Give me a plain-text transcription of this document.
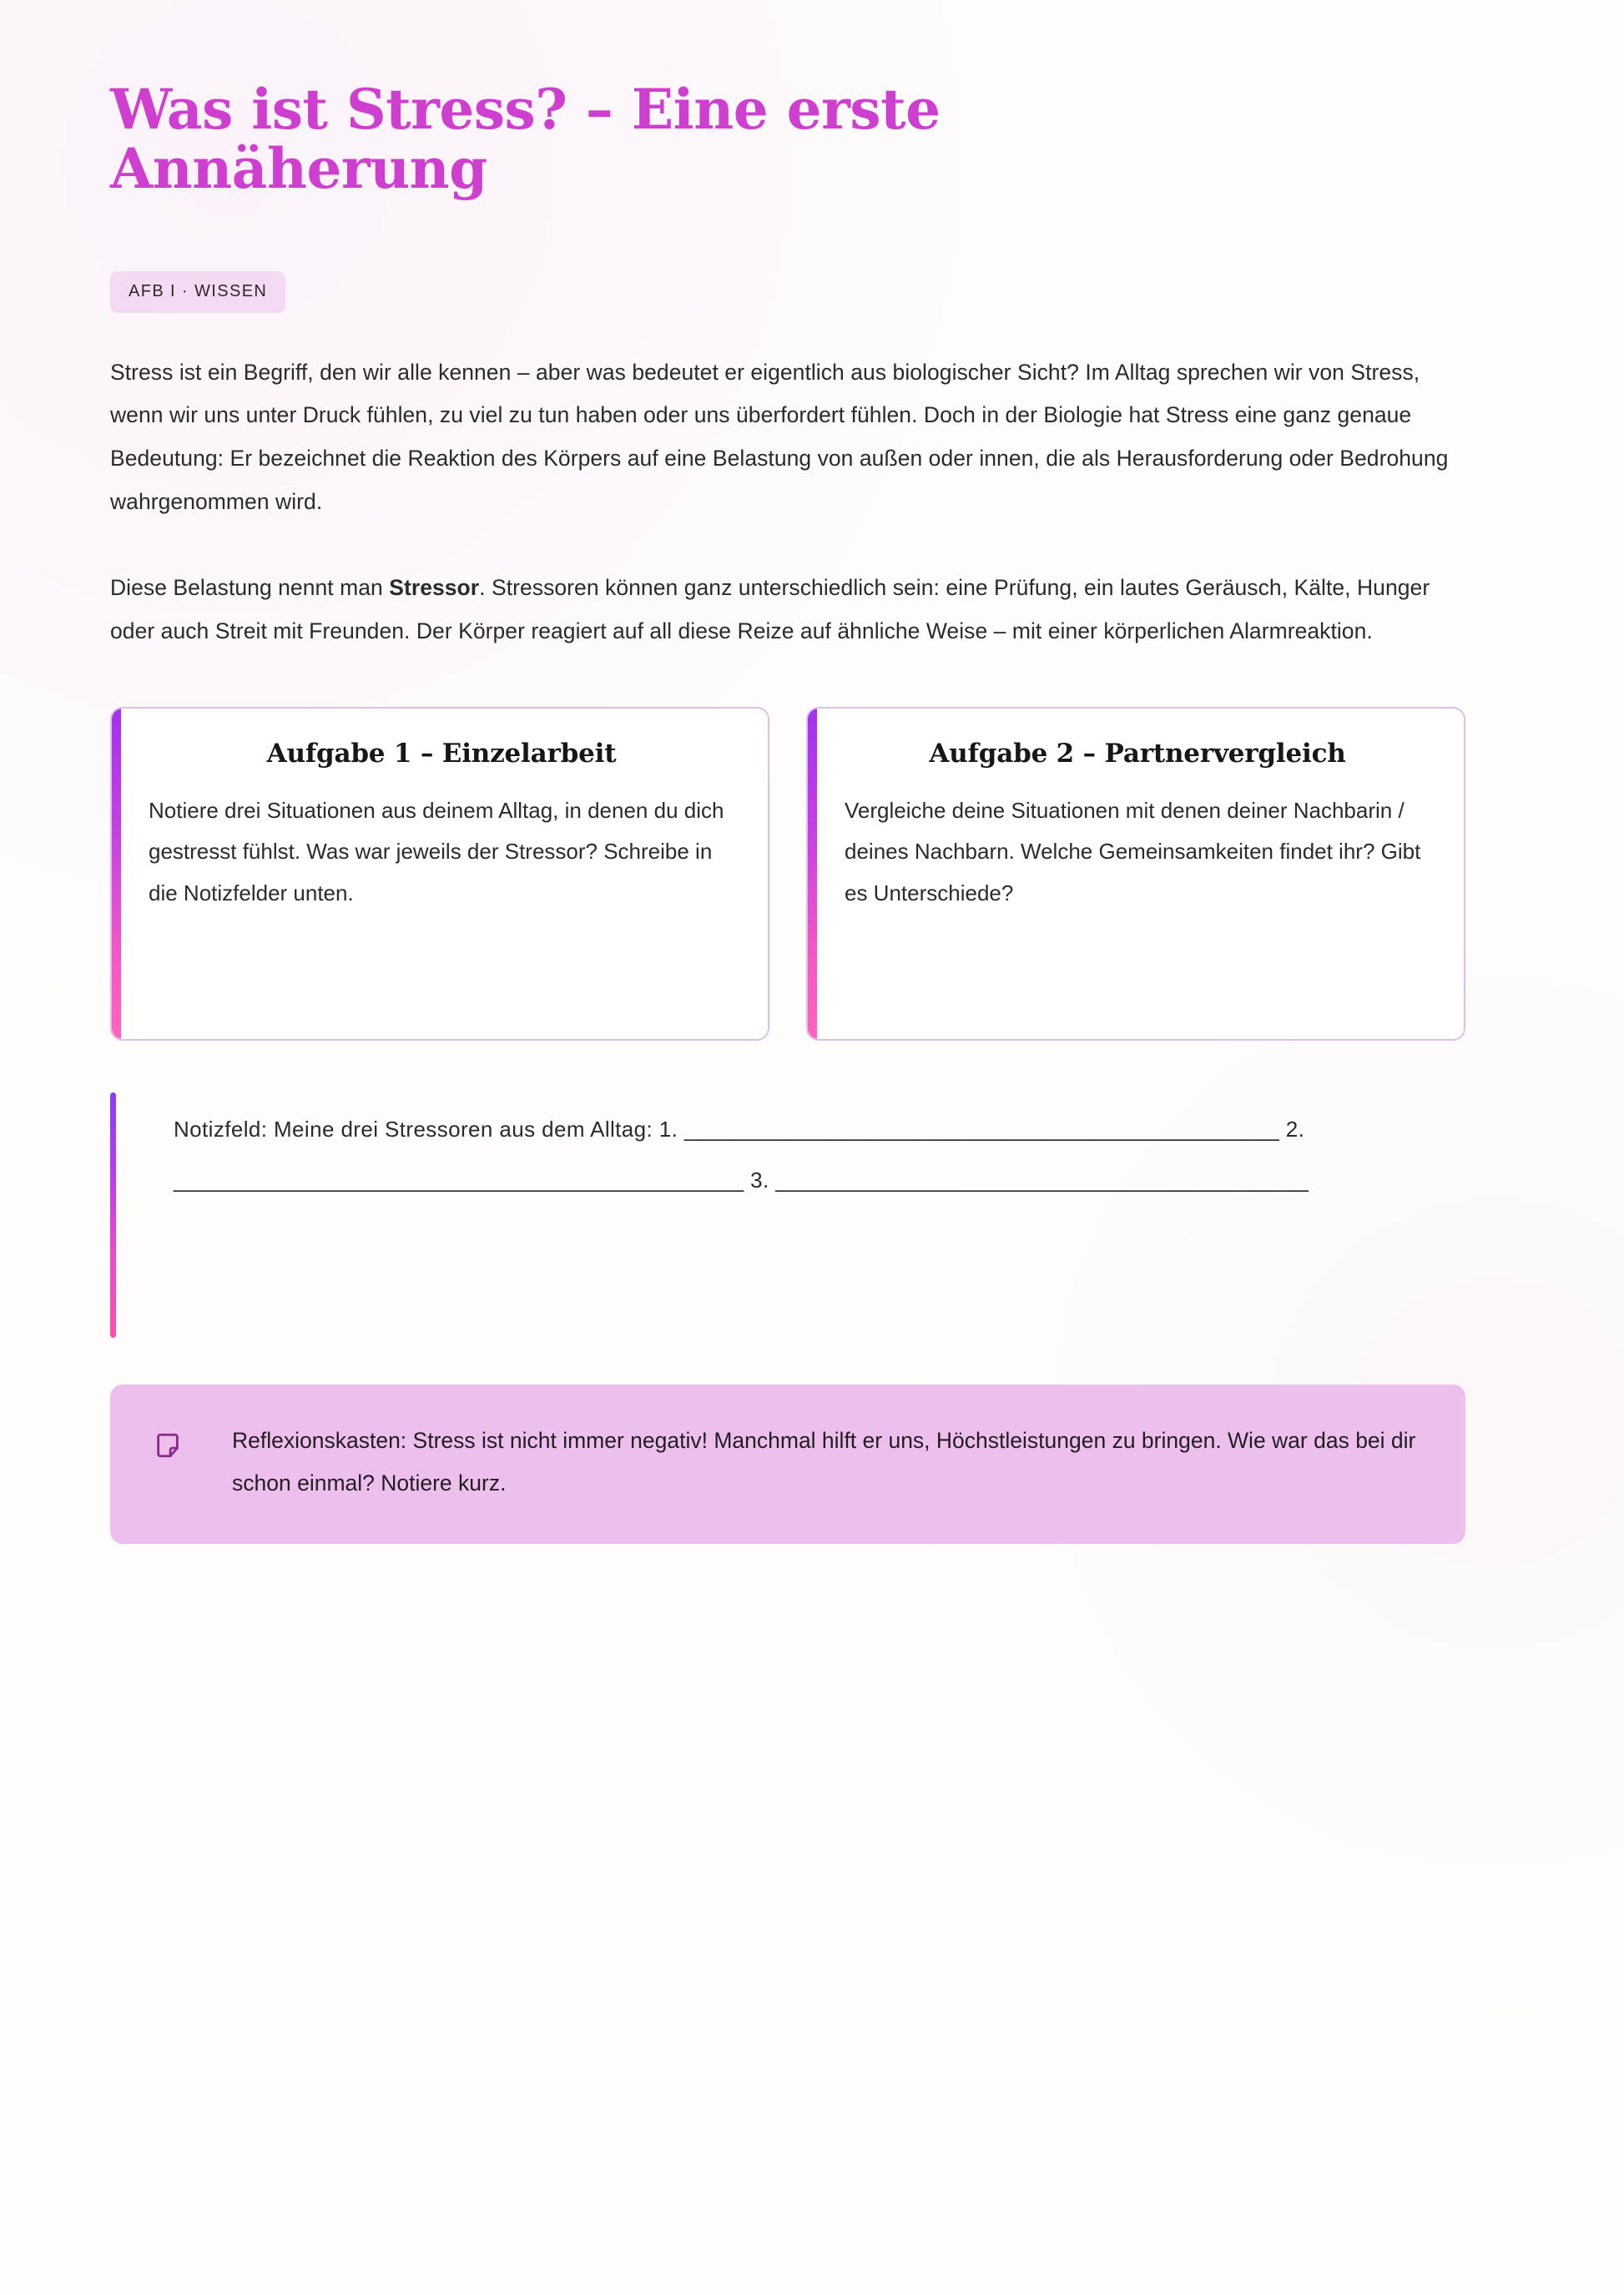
Was ist Stress? – Eine erste Annäherung
AFB I · WISSEN

Stress ist ein Begriff, den wir alle kennen – aber was bedeutet er eigentlich aus biologischer Sicht? Im Alltag sprechen wir von Stress, wenn wir uns unter Druck fühlen, zu viel zu tun haben oder uns überfordert fühlen. Doch in der Biologie hat Stress eine ganz genaue Bedeutung: Er bezeichnet die Reaktion des Körpers auf eine Belastung von außen oder innen, die als Herausforderung oder Bedrohung wahrgenommen wird.

Diese Belastung nennt man Stressor. Stressoren können ganz unterschiedlich sein: eine Prüfung, ein lautes Geräusch, Kälte, Hunger oder auch Streit mit Freunden. Der Körper reagiert auf all diese Reize auf ähnliche Weise – mit einer körperlichen Alarmreaktion.

Aufgabe 1 – Einzelarbeit

Notiere drei Situationen aus deinem Alltag, in denen du dich gestresst fühlst. Was war jeweils der Stressor? Schreibe in die Notizfelder unten.

Aufgabe 2 – Partnervergleich

Vergleiche deine Situationen mit denen deiner Nachbarin / deines Nachbarn. Welche Gemeinsamkeiten findet ihr? Gibt es Unterschiede?

Notizfeld: Meine drei Stressoren aus dem Alltag: 1. ________________________________________________ 2. ______________________________________________ 3. ___________________________________________

Reflexionskasten: Stress ist nicht immer negativ! Manchmal hilft er uns, Höchstleistungen zu bringen. Wie war das bei dir schon einmal? Notiere kurz.
